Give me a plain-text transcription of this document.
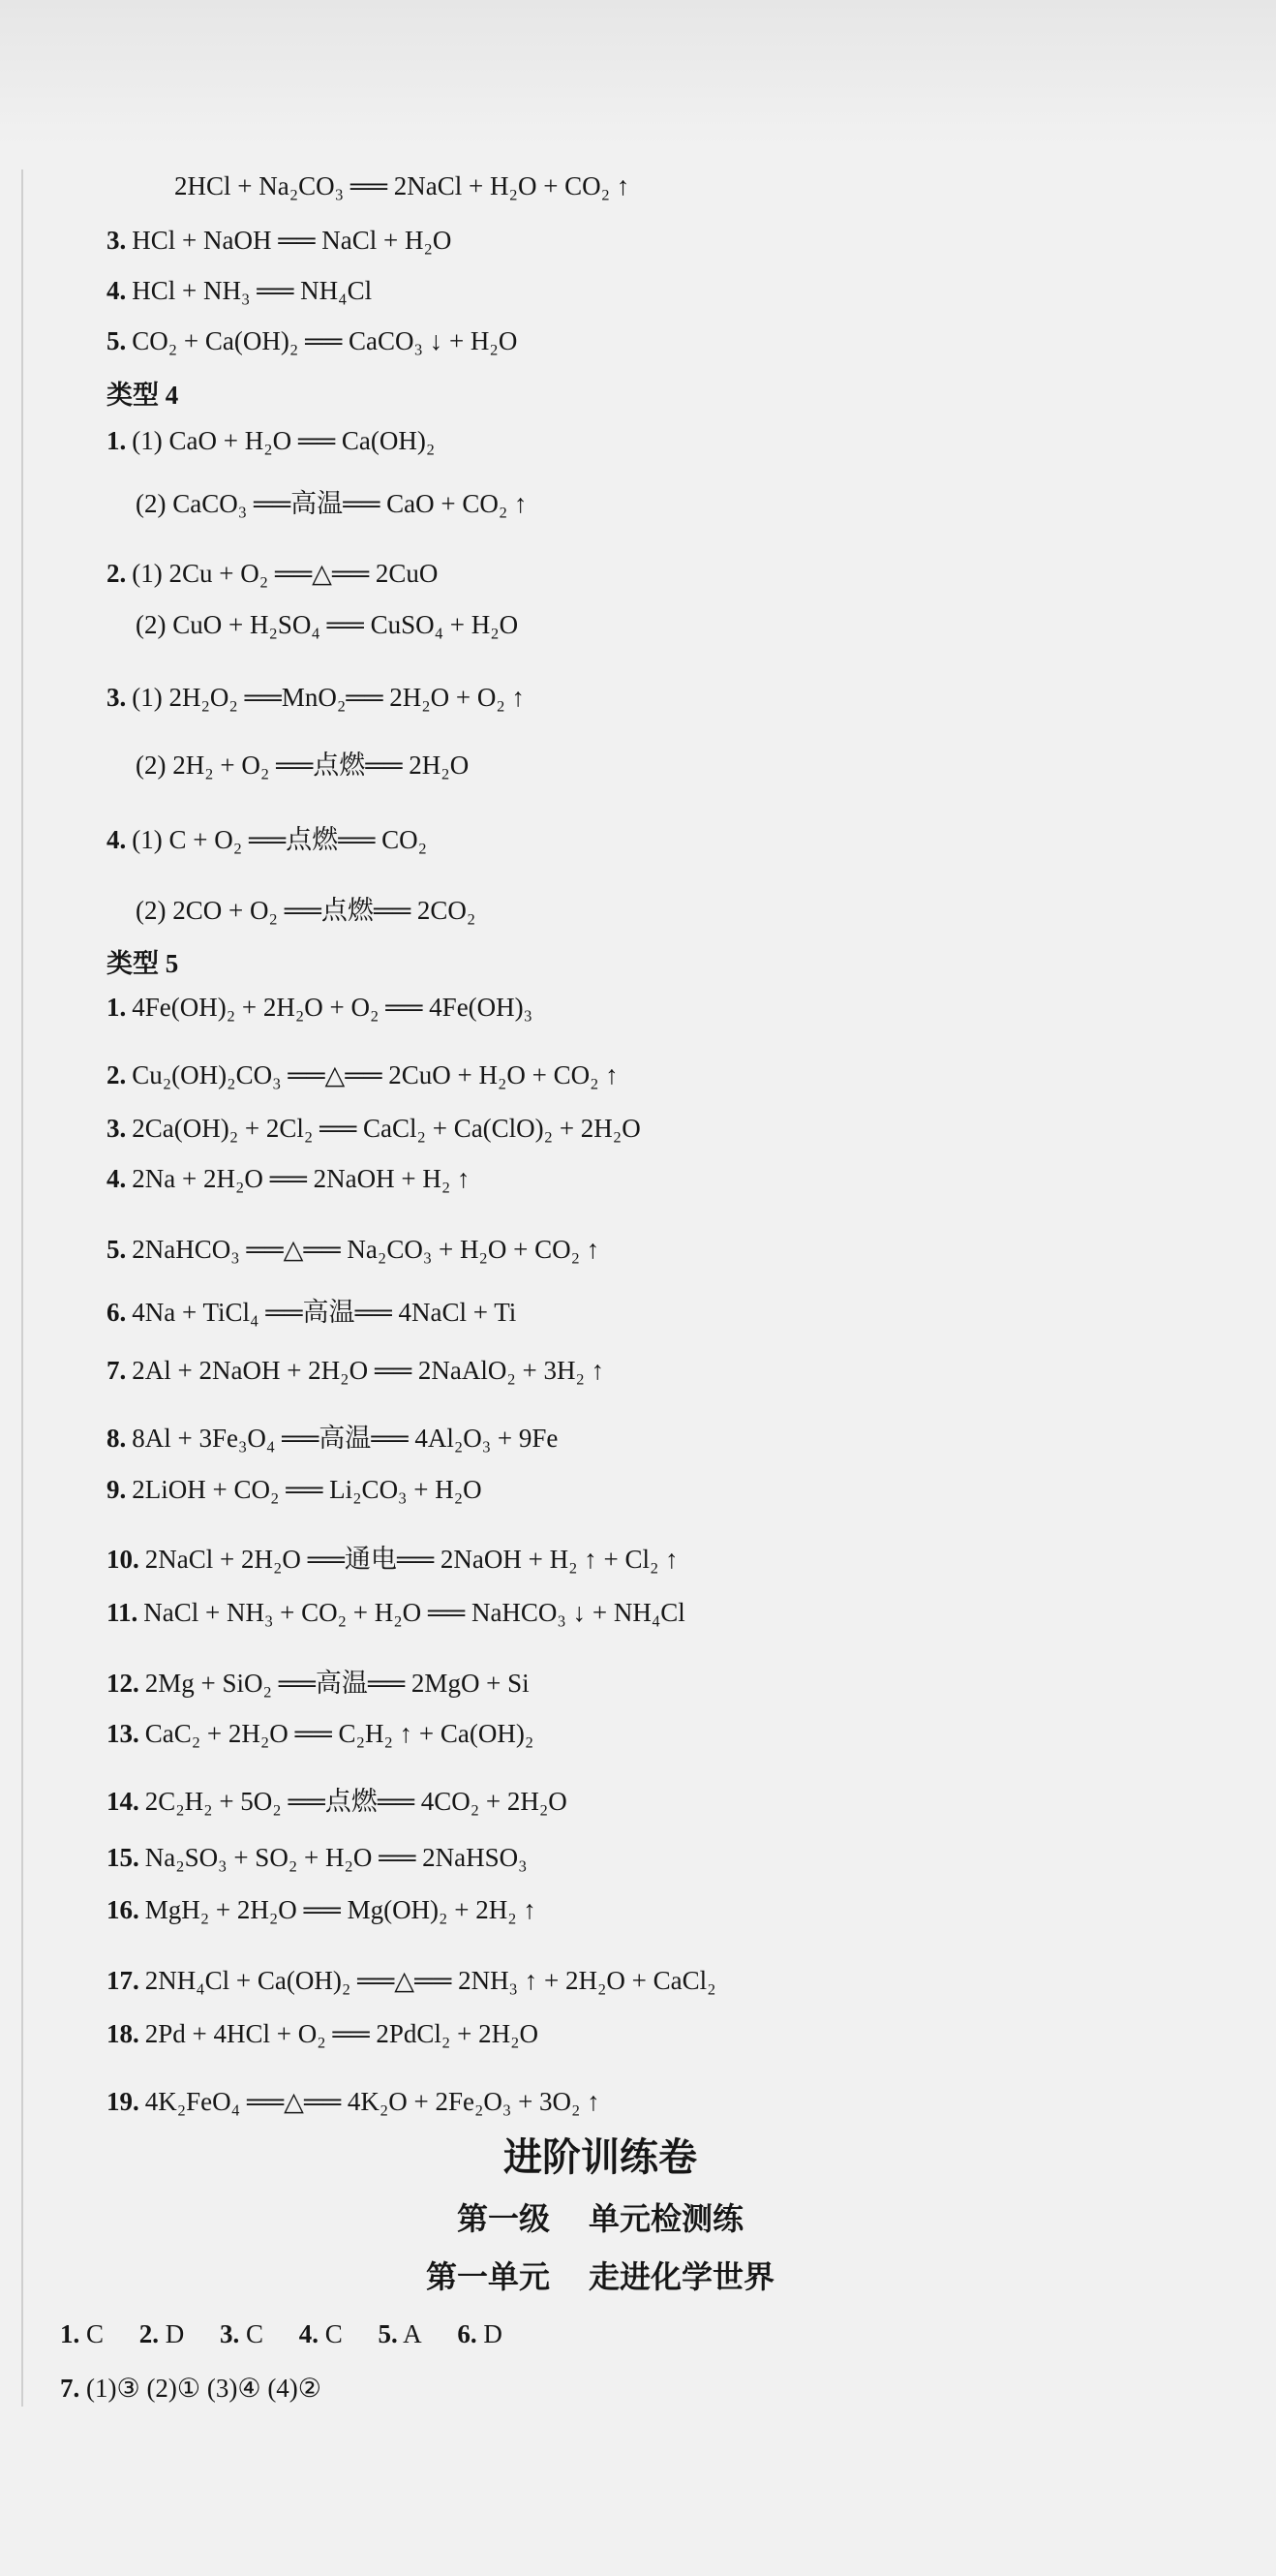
2HCl + Na₂CO₃ ══ 2NaCl + H₂O + CO₂ ↑
3. HCl + NaOH ══ NaCl + H₂O
4. HCl + NH₃ ══ NH₄Cl
5. CO₂ + Ca(OH)₂ ══ CaCO₃ ↓ + H₂O
类型 4
1. (1) CaO + H₂O ══ Ca(OH)₂
(2) CaCO₃ ══高温══ CaO + CO₂ ↑
2. (1) 2Cu + O₂ ══△══ 2CuO
(2) CuO + H₂SO₄ ══ CuSO₄ + H₂O
3. (1) 2H₂O₂ ══MnO₂══ 2H₂O + O₂ ↑
(2) 2H₂ + O₂ ══点燃══ 2H₂O
4. (1) C + O₂ ══点燃══ CO₂
(2) 2CO + O₂ ══点燃══ 2CO₂
类型 5
1. 4Fe(OH)₂ + 2H₂O + O₂ ══ 4Fe(OH)₃
2. Cu₂(OH)₂CO₃ ══△══ 2CuO + H₂O + CO₂ ↑
3. 2Ca(OH)₂ + 2Cl₂ ══ CaCl₂ + Ca(ClO)₂ + 2H₂O
4. 2Na + 2H₂O ══ 2NaOH + H₂ ↑
5. 2NaHCO₃ ══△══ Na₂CO₃ + H₂O + CO₂ ↑
6. 4Na + TiCl₄ ══高温══ 4NaCl + Ti
7. 2Al + 2NaOH + 2H₂O ══ 2NaAlO₂ + 3H₂ ↑
8. 8Al + 3Fe₃O₄ ══高温══ 4Al₂O₃ + 9Fe
9. 2LiOH + CO₂ ══ Li₂CO₃ + H₂O
10. 2NaCl + 2H₂O ══通电══ 2NaOH + H₂ ↑ + Cl₂ ↑
11. NaCl + NH₃ + CO₂ + H₂O ══ NaHCO₃ ↓ + NH₄Cl
12. 2Mg + SiO₂ ══高温══ 2MgO + Si
13. CaC₂ + 2H₂O ══ C₂H₂ ↑ + Ca(OH)₂
14. 2C₂H₂ + 5O₂ ══点燃══ 4CO₂ + 2H₂O
15. Na₂SO₃ + SO₂ + H₂O ══ 2NaHSO₃
16. MgH₂ + 2H₂O ══ Mg(OH)₂ + 2H₂ ↑
17. 2NH₄Cl + Ca(OH)₂ ══△══ 2NH₃ ↑ + 2H₂O + CaCl₂
18. 2Pd + 4HCl + O₂ ══ 2PdCl₂ + 2H₂O
19. 4K₂FeO₄ ══△══ 4K₂O + 2Fe₂O₃ + 3O₂ ↑
进阶训练卷
第一级 单元检测练
第一单元 走进化学世界
1. C 2. D 3. C 4. C 5. A 6. D
7. (1)③ (2)① (3)④ (4)②
